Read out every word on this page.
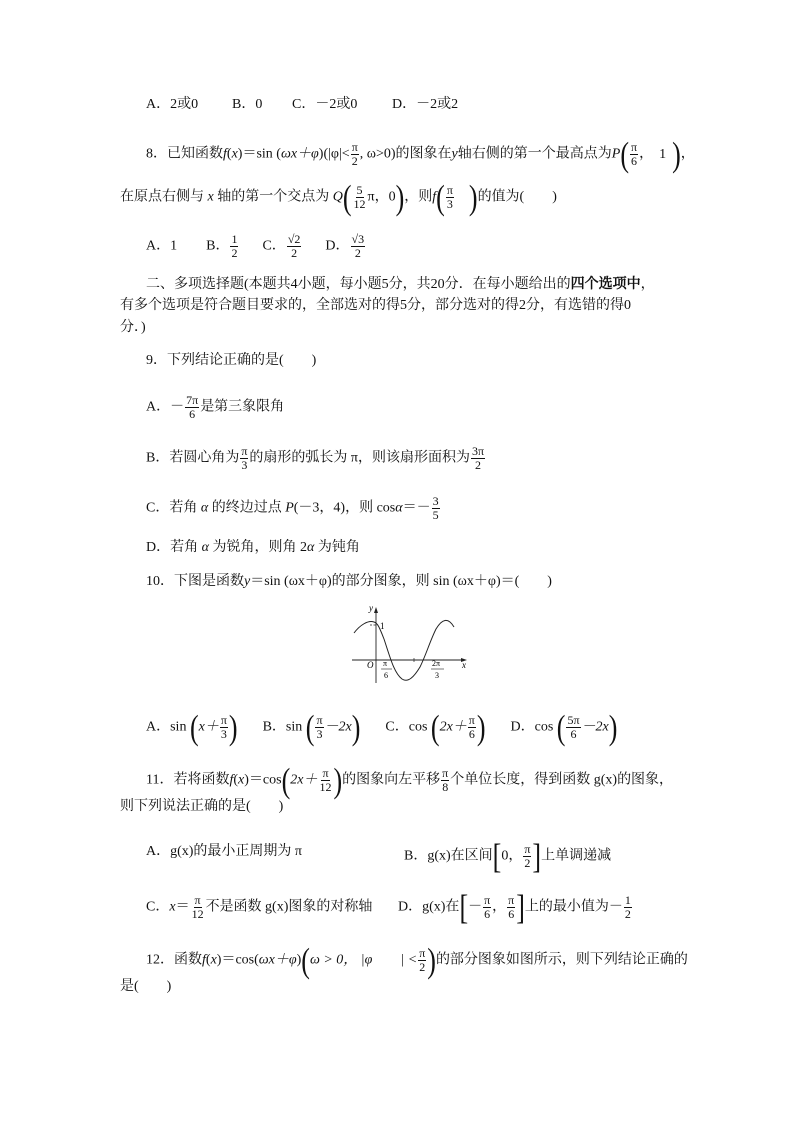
A．2或0 B．0 C．－2或0 D．－2或2
8．已知函数f(x)＝sin $(\omega x+\varphi)(|\varphi|< \frac{\pi}{2}$ , ω>0)的图象在y轴右侧的第一个最高点为$P( \frac{\pi}{6}$ ， 1 )，
在原点右侧与 x 轴的第一个交点为 $Q( \frac{5}{12}$ π，0)，则$f( \frac{\pi}{3}$ )的值为(　　)
A．1 B． $\frac{1}{2}$ C． $\frac{√2}{2}$ D． $\frac{√3}{2}$
二、多项选择题(本题共4小题，每小题5分，共20分．在每小题给出的四个选项中，
有多个选项是符合题目要求的，全部选对的得5分，部分选对的得2分，有选错的得0
分．)
9．下列结论正确的是(　　)
A．－ $\frac{7\pi}{6}$ 是第三象限角
B．若圆心角为 $\frac{\pi}{3}$ 的扇形的弧长为 π，则该扇形面积为 $\frac{3\pi}{2}$
C．若角 α 的终边过点 P(－3，4)，则 $\cos\alpha=- \frac{3}{5}$
D．若角 α 为锐角，则角 2α 为钝角
10．下图是函数y＝sin (ωx＋φ)的部分图象，则 sin (ωx＋φ)＝(　　)
y
x
O
1
π
6
2π
3
A．$\sin (x+ \frac{\pi}{3}$ ) B．sin ( $\frac{\pi}{3} -2x$) C．$\cos (2x+ \frac{\pi}{6}$ ) D．cos ( $\frac{5\pi}{6} -2x$)
11．若将函数$f(x)=\cos(2x+ \frac{\pi}{12}$ )的图象向左平移 $\frac{\pi}{8}$ 个单位长度，得到函数 g(x)的图象，
则下列说法正确的是(　　)
A．g(x)的最小正周期为 π	B．g(x)在区间[0， $\frac{\pi}{2}$ ]上单调递减
C．$x= \frac{\pi}{12}$ 不是函数 g(x)图象的对称轴 D．g(x)在[－ $\frac{\pi}{6}$ ， $\frac{\pi}{6}$ ]上的最小值为－ $\frac{1}{2}$
12．函数f(x)＝cos(ωx＋φ)(ω > 0， |φ　　| < $\frac{\pi}{2}$ )的部分图象如图所示，则下列结论正确的
是(　　)
